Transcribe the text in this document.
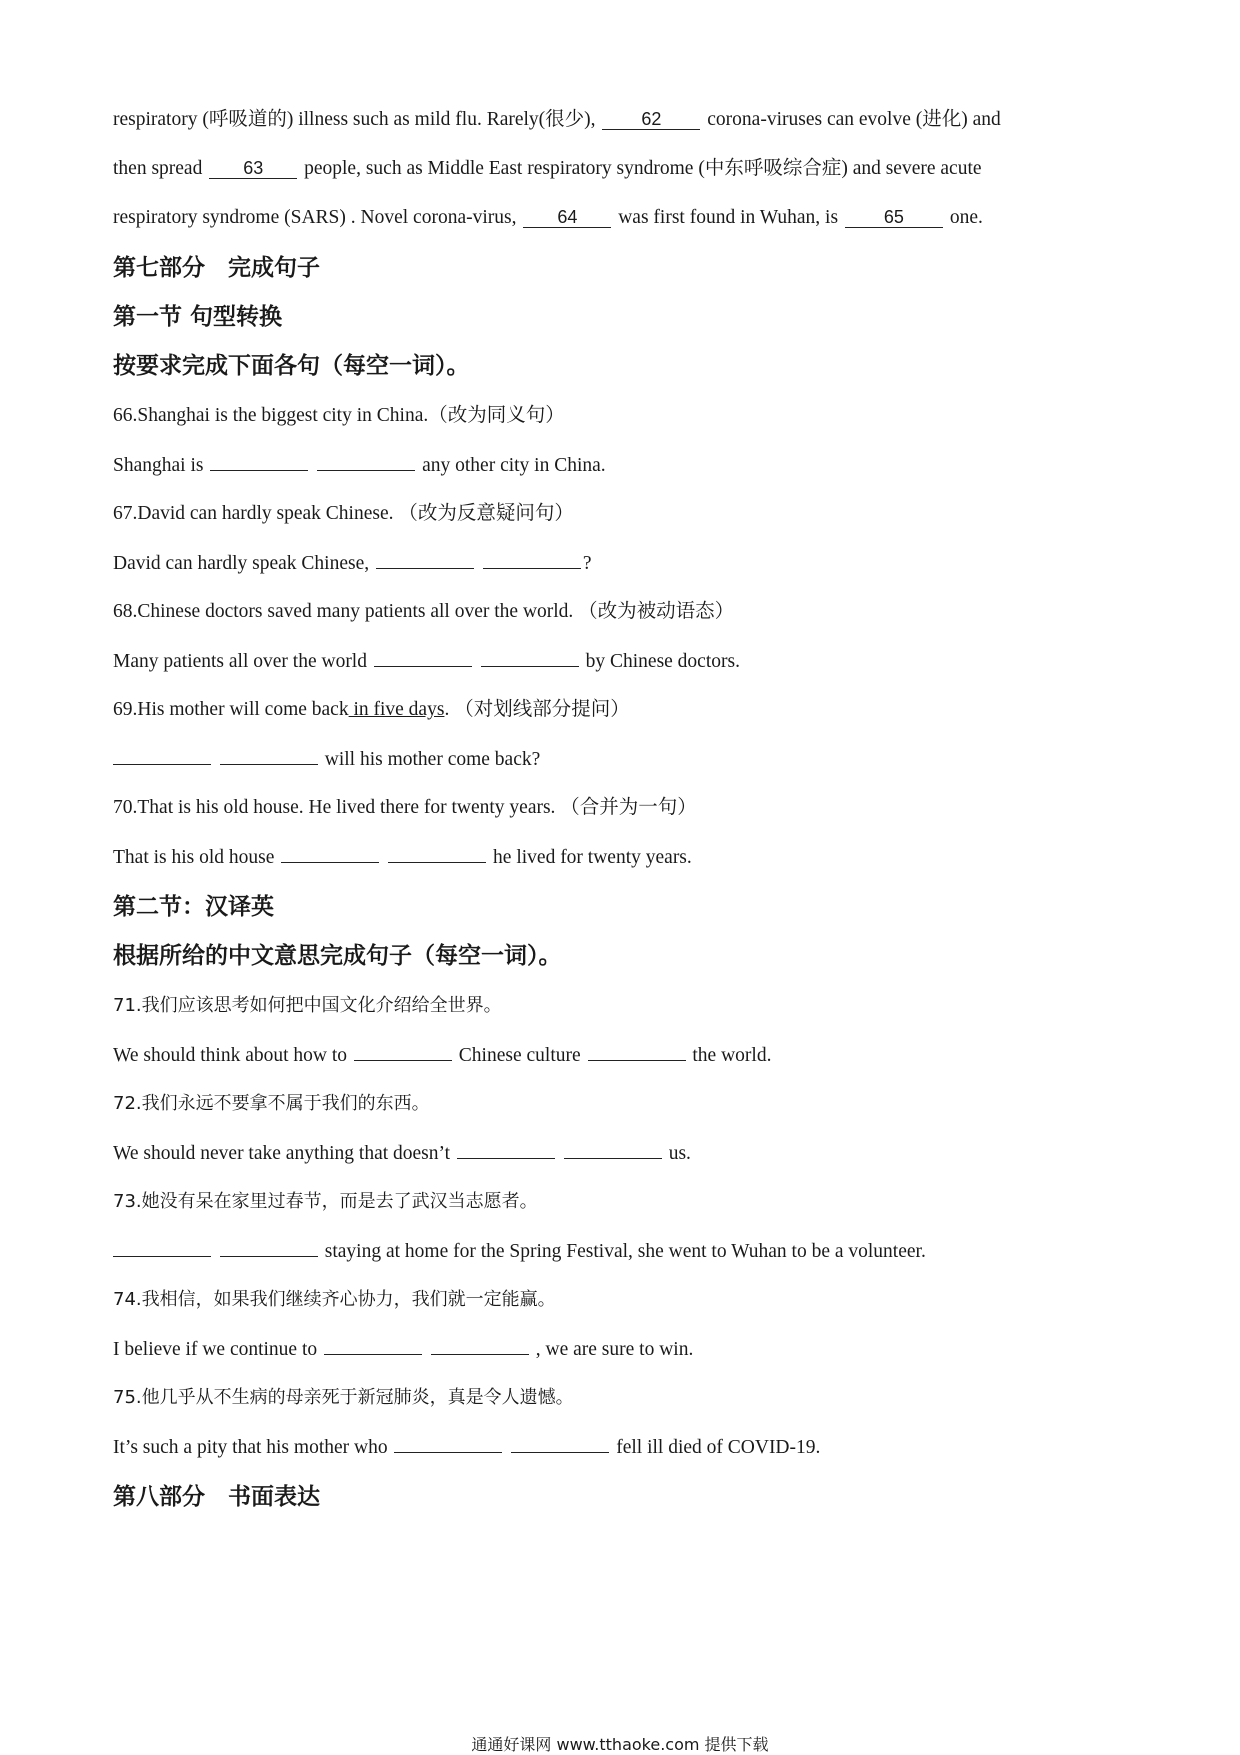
respiratory (呼吸道的) illness such as mild flu. Rarely(很少),	62 corona-viruses can evolve (进化) and
then spread 63 people, such as Middle East respiratory syndrome (中东呼吸综合症) and severe acute
respiratory syndrome (SARS) . Novel corona-virus, 64 was first found in Wuhan, is	65 one.
第七部分　完成句子
第一节 句型转换
按要求完成下面各句（每空一词）。
66.Shanghai is the biggest city in China.（改为同义句）
Shanghai is	any other city in China.
67.David can hardly speak Chinese. （改为反意疑问句）
David can hardly speak Chinese,	?
68.Chinese doctors saved many patients all over the world. （改为被动语态）
Many patients all over the world	by Chinese doctors.
69.His mother will come back in five days. （对划线部分提问）
will his mother come back?
70.That is his old house. He lived there for twenty years. （合并为一句）
That is his old house	he lived for twenty years.
第二节：汉译英
根据所给的中文意思完成句子（每空一词）。
71.我们应该思考如何把中国文化介绍给全世界。
We should think about how to	Chinese culture	the world.
72.我们永远不要拿不属于我们的东西。
We should never take anything that doesn’t	us.
73.她没有呆在家里过春节，而是去了武汉当志愿者。
staying at home for the Spring Festival, she went to Wuhan to be a volunteer.
74.我相信，如果我们继续齐心协力，我们就一定能赢。
I believe if we continue to	, we are sure to win.
75.他几乎从不生病的母亲死于新冠肺炎，真是令人遗憾。
It’s such a pity that his mother who	fell ill died of COVID-19.
第八部分　书面表达
通通好课网 www.tthaoke.com 提供下载
